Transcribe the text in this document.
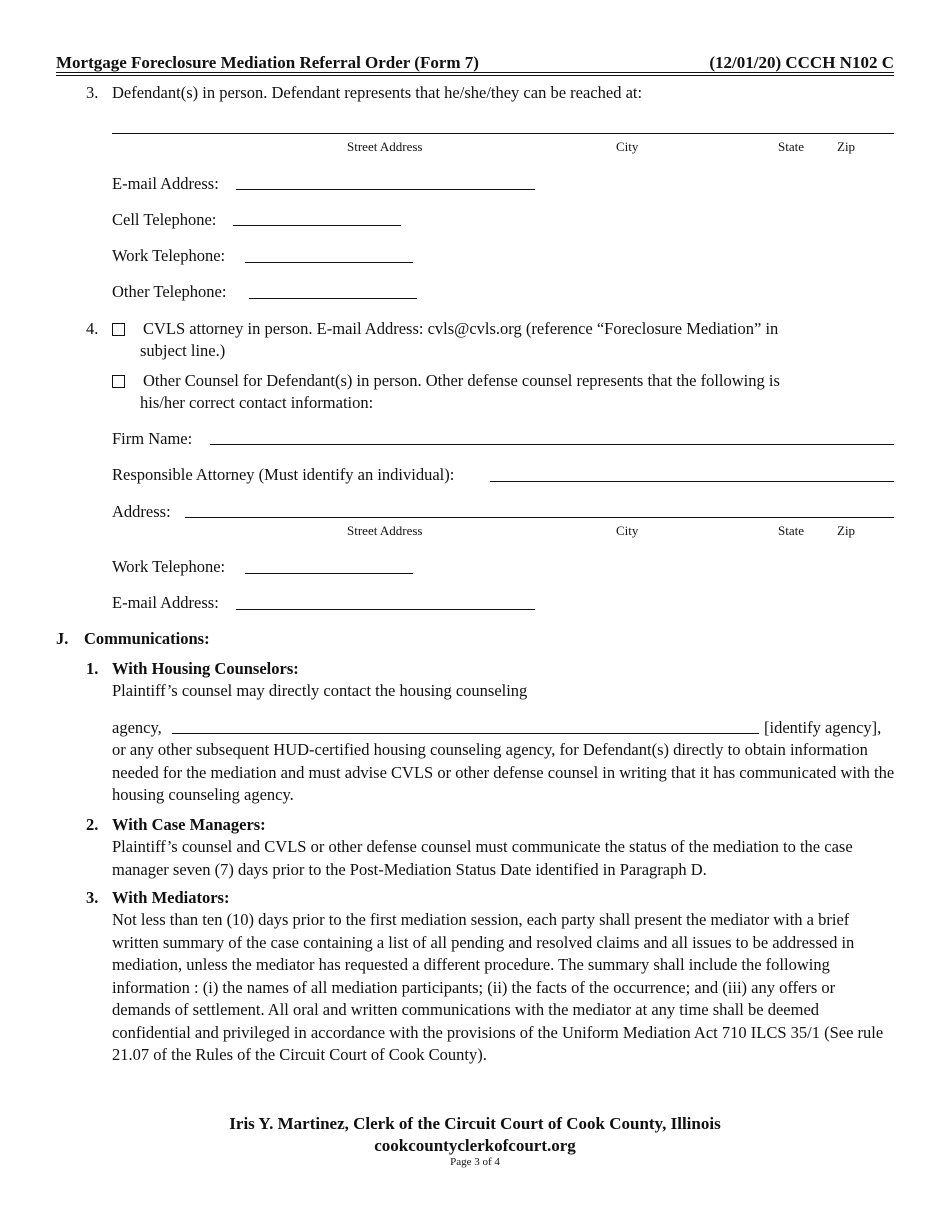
Mortgage Foreclosure Mediation Referral Order (Form 7)	(12/01/20) CCCH N102 C
3. Defendant(s) in person. Defendant represents that he/she/they can be reached at:
Street Address	City	State	Zip
E-mail Address:
Cell Telephone:
Work Telephone:
Other Telephone:
4.	CVLS attorney in person. E-mail Address: cvls@cvls.org (reference “Foreclosure Mediation” in
subject line.)
Other Counsel for Defendant(s) in person. Other defense counsel represents that the following is
his/her correct contact information:
Firm Name:
Responsible Attorney (Must identify an individual):
Address:
Street Address	City	State	Zip
Work Telephone:
E-mail Address:
J. Communications:
1. With Housing Counselors:
Plaintiff’s counsel may directly contact the housing counseling
agency,	[identify agency],
or any other subsequent HUD-certified housing counseling agency, for Defendant(s) directly to obtain information needed for the mediation and must advise CVLS or other defense counsel in writing that it has communicated with the housing counseling agency.
2. With Case Managers:
Plaintiff’s counsel and CVLS or other defense counsel must communicate the status of the mediation to the case manager seven (7) days prior to the Post-Mediation Status Date identified in Paragraph D.
3. With Mediators:
Not less than ten (10) days prior to the first mediation session, each party shall present the mediator with a brief written summary of the case containing a list of all pending and resolved claims and all issues to be addressed in mediation, unless the mediator has requested a different procedure. The summary shall include the following information : (i) the names of all mediation participants; (ii) the facts of the occurrence; and (iii) any offers or demands of settlement. All oral and written communications with the mediator at any time shall be deemed confidential and privileged in accordance with the provisions of the Uniform Mediation Act 710 ILCS 35/1 (See rule 21.07 of the Rules of the Circuit Court of Cook County).
Iris Y. Martinez, Clerk of the Circuit Court of Cook County, Illinois
cookcountyclerkofcourt.org
Page 3 of 4
